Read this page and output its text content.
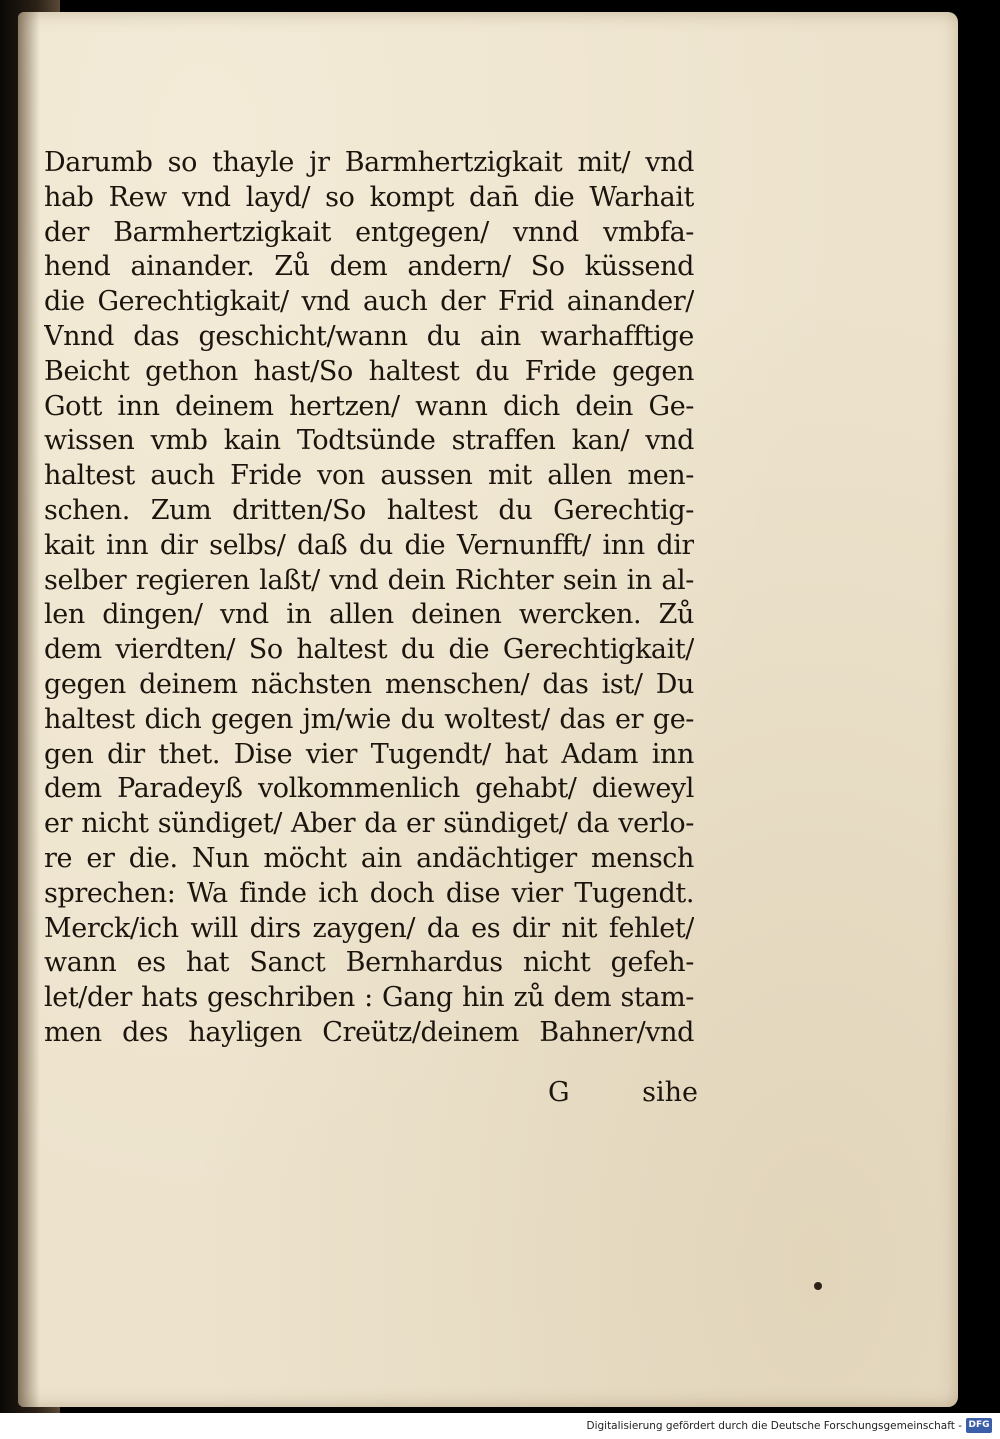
Darumb so thayle jr Barmhertzigkait mit/ vnd
hab Rew vnd layd/ so kompt dan̄ die Warhait
der Barmhertzigkait entgegen/ vnnd vmbfa-
hend ainander. Zů dem andern/ So küssend
die Gerechtigkait/ vnd auch der Frid ainander/
Vnnd das geschicht/wann du ain warhafftige
Beicht gethon hast/So haltest du Fride gegen
Gott inn deinem hertzen/ wann dich dein Ge-
wissen vmb kain Todtsünde straffen kan/ vnd
haltest auch Fride von aussen mit allen men-
schen. Zum dritten/So haltest du Gerechtig-
kait inn dir selbs/ daß du die Vernunfft/ inn dir
selber regieren laßt/ vnd dein Richter sein in al-
len dingen/ vnd in allen deinen wercken. Zů
dem vierdten/ So haltest du die Gerechtigkait/
gegen deinem nächsten menschen/ das ist/ Du
haltest dich gegen jm/wie du woltest/ das er ge-
gen dir thet. Dise vier Tugendt/ hat Adam inn
dem Paradeyß volkommenlich gehabt/ dieweyl
er nicht sündiget/ Aber da er sündiget/ da verlo-
re er die. Nun möcht ain andächtiger mensch
sprechen: Wa finde ich doch dise vier Tugendt.
Merck/ich will dirs zaygen/ da es dir nit fehlet/
wann es hat Sanct Bernhardus nicht gefeh-
let/der hats geschriben : Gang hin zů dem stam-
men des hayligen Creütz/deinem Bahner/vnd
G	sihe
Digitalisierung gefördert durch die Deutsche Forschungsgemeinschaft - DFG
